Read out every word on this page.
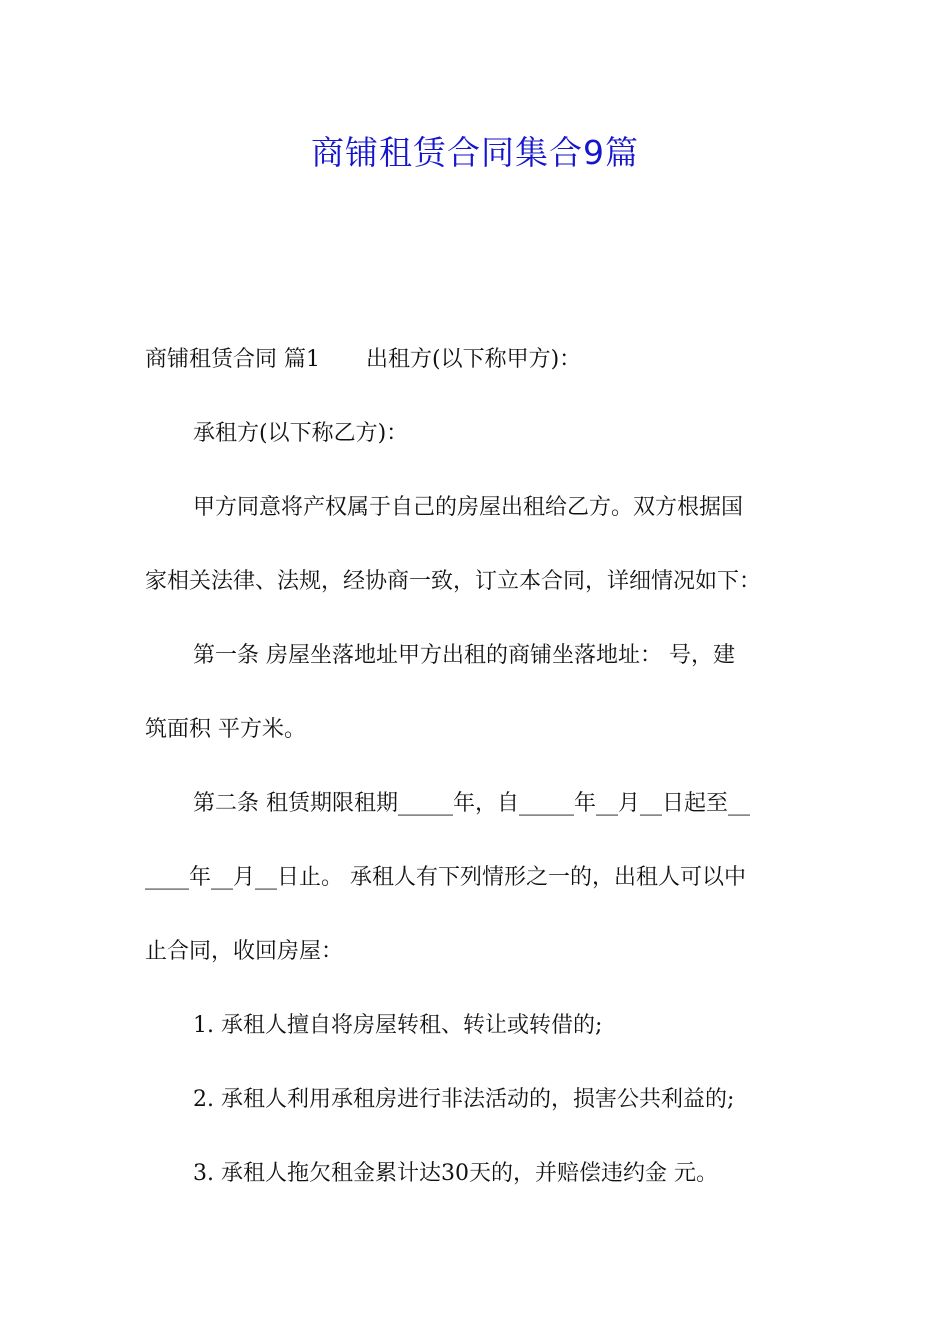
商铺租赁合同集合9篇
商铺租赁合同 篇1 出租方(以下称甲方)：
承租方(以下称乙方)：
甲方同意将产权属于自己的房屋出租给乙方。双方根据国
家相关法律、法规，经协商一致，订立本合同，详细情况如下：
第一条 房屋坐落地址甲方出租的商铺坐落地址： 号，建
筑面积 平方米。
第二条 租赁期限租期_____年，自_____年__月__日起至__
____年__月__日止。 承租人有下列情形之一的，出租人可以中
止合同，收回房屋：
1. 承租人擅自将房屋转租、转让或转借的;
2. 承租人利用承租房进行非法活动的，损害公共利益的;
3. 承租人拖欠租金累计达30天的，并赔偿违约金 元。
